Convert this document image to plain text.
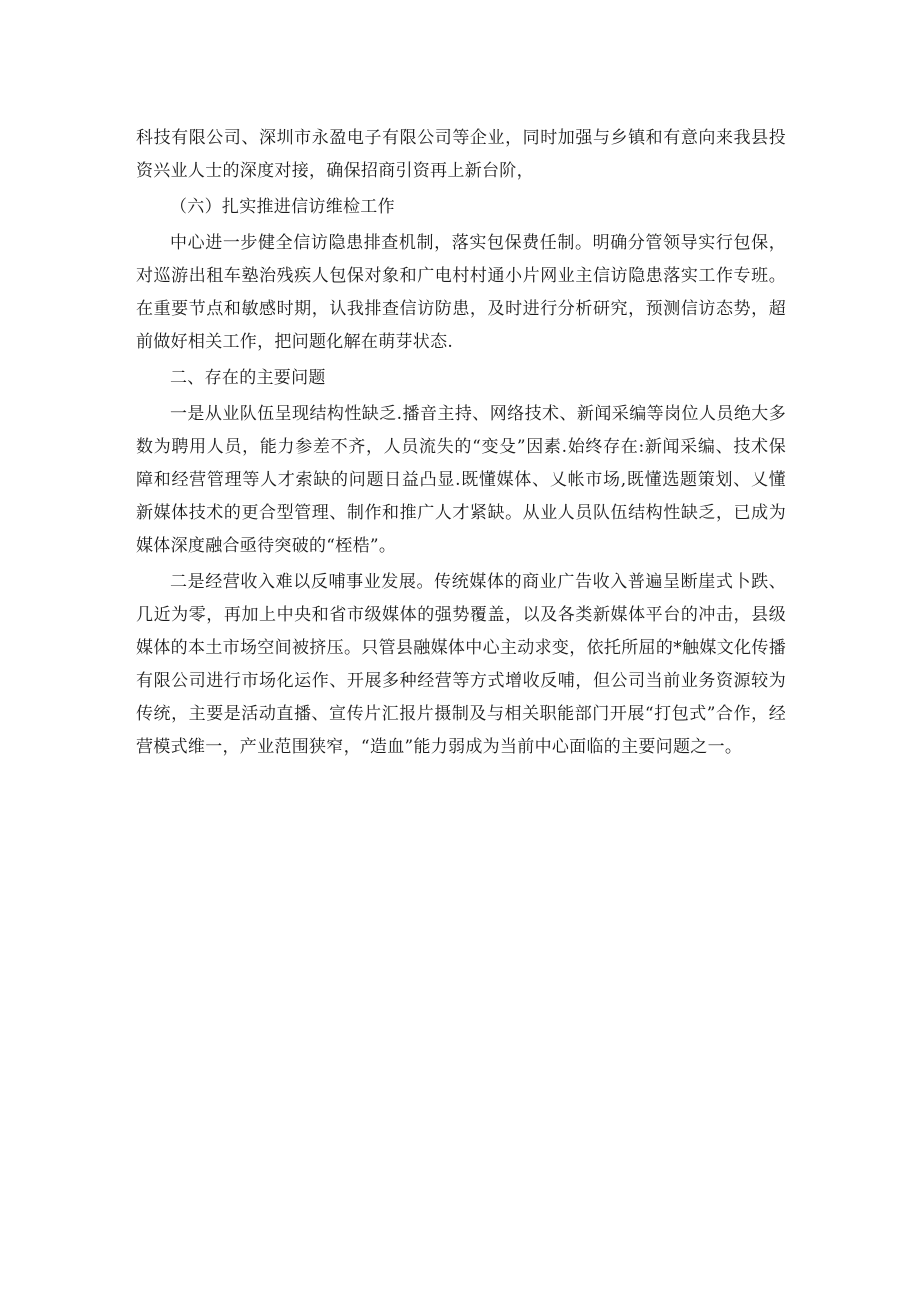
科技有限公司、深圳市永盈电子有限公司等企业，同时加强与乡镇和有意向来我县投资兴业人士的深度对接，确保招商引资再上新台阶，

（六）扎实推进信访维检工作

中心进一步健全信访隐患排查机制，落实包保费任制。明确分管领导实行包保，对巡游出租车塾治残疾人包保对象和广电村村通小片网业主信访隐患落实工作专班。在重要节点和敏感时期，认我排查信访防患，及时进行分析研究，预测信访态势，超前做好相关工作，把问题化解在萌芽状态.

二、存在的主要问题

一是从业队伍呈现结构性缺乏.播音主持、网络技术、新闻采编等岗位人员绝大多数为聘用人员，能力参差不齐，人员流失的“变殳”因素.始终存在:新闻采编、技术保障和经营管理等人才索缺的问题日益凸显.既懂媒体、乂帐市场,既懂选题策划、乂懂新媒体技术的更合型管理、制作和推广人才紧缺。从业人员队伍结构性缺乏，已成为媒体深度融合亟待突破的“桎梏”。

二是经营收入难以反哺事业发展。传统媒体的商业广告收入普遍呈断崖式卜跌、几近为零，再加上中央和省市级媒体的强势覆盖，以及各类新媒体平台的冲击，县级媒体的本土市场空间被挤压。只管县融媒体中心主动求变，依托所屈的*触媒文化传播有限公司进行市场化运作、开展多种经营等方式增收反哺，但公司当前业务资源较为传统，主要是活动直播、宣传片汇报片摄制及与相关职能部门开展“打包式”合作，经营模式维一，产业范围狭窄，“造血”能力弱成为当前中心面临的主要问题之一。
